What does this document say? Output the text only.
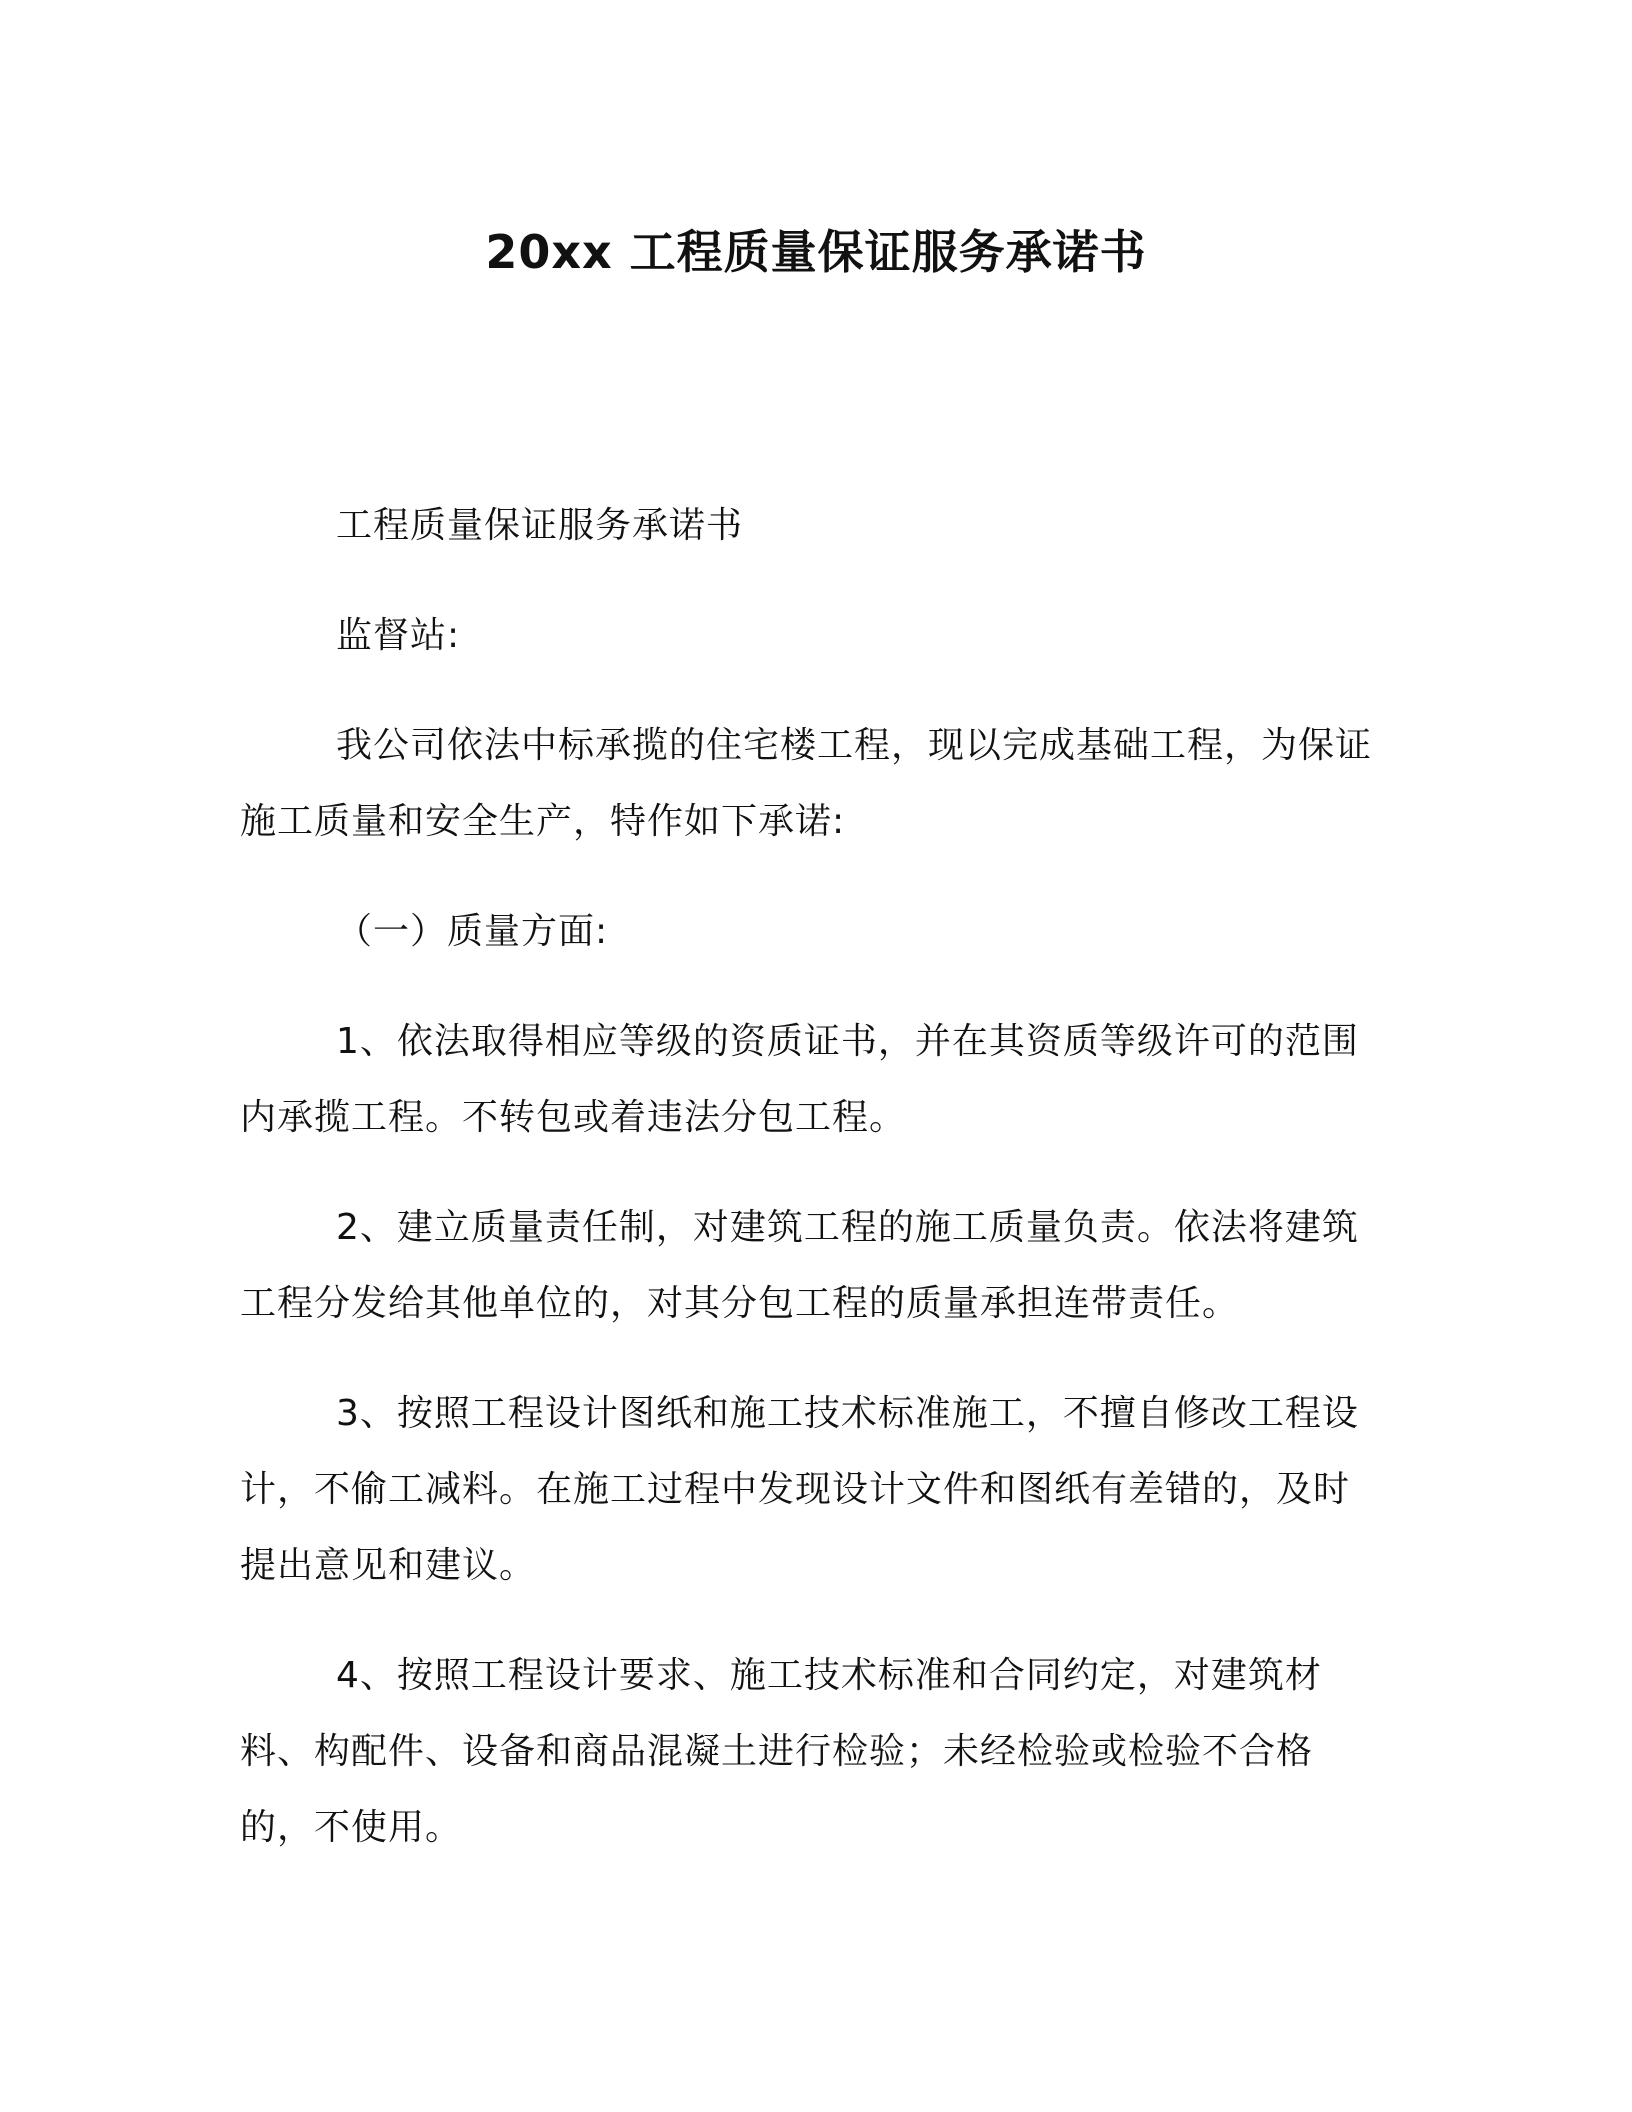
20xx 工程质量保证服务承诺书

工程质量保证服务承诺书

监督站:

我公司依法中标承揽的住宅楼工程，现以完成基础工程，为保证施工质量和安全生产，特作如下承诺:

（一）质量方面:

1、依法取得相应等级的资质证书，并在其资质等级许可的范围内承揽工程。不转包或着违法分包工程。

2、建立质量责任制，对建筑工程的施工质量负责。依法将建筑工程分发给其他单位的，对其分包工程的质量承担连带责任。

3、按照工程设计图纸和施工技术标准施工，不擅自修改工程设计，不偷工减料。在施工过程中发现设计文件和图纸有差错的，及时提出意见和建议。

4、按照工程设计要求、施工技术标准和合同约定，对建筑材料、构配件、设备和商品混凝土进行检验；未经检验或检验不合格的，不使用。
